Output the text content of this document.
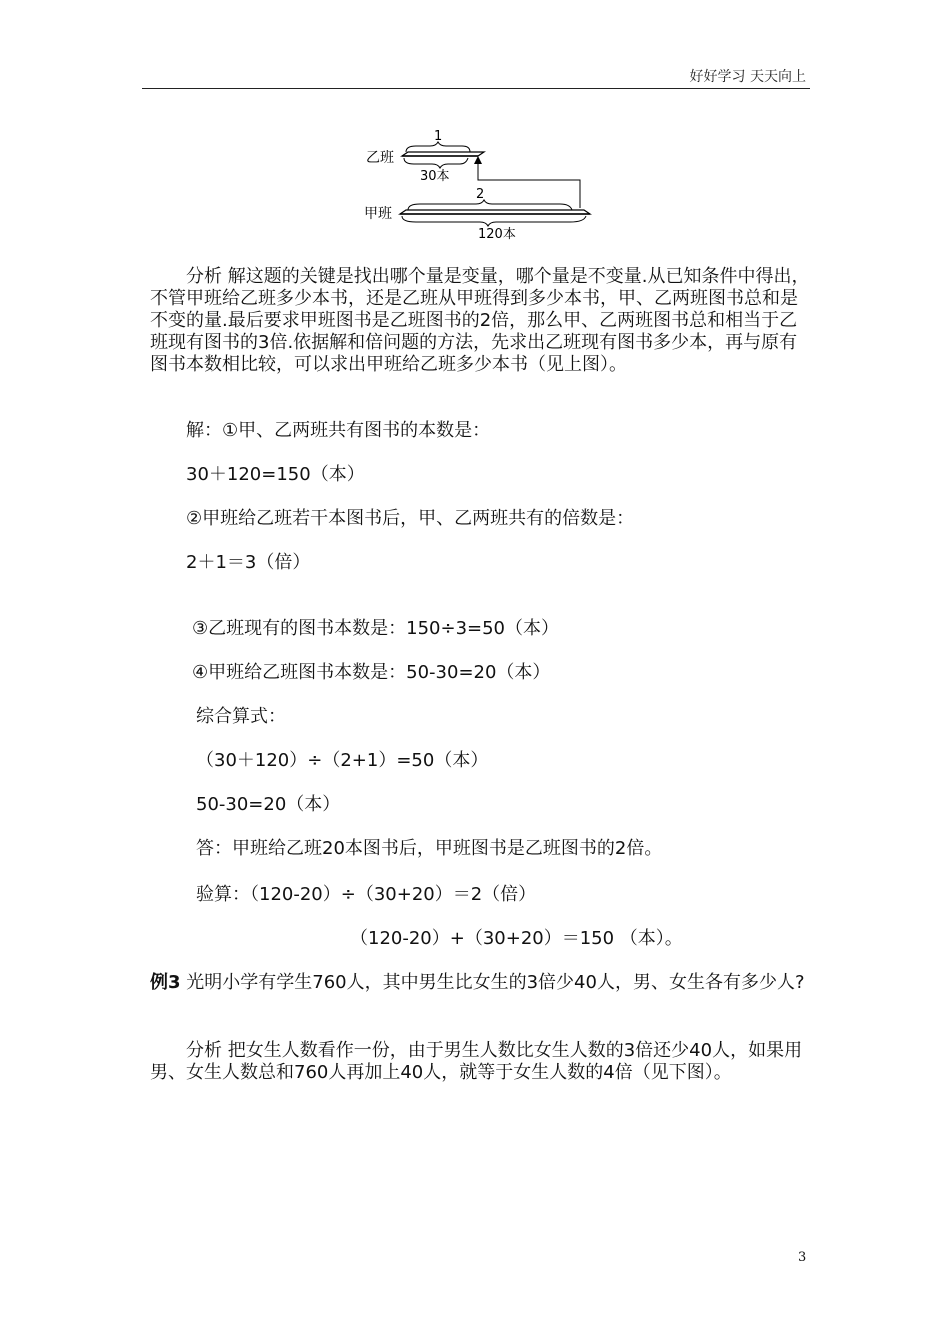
好好学习 天天向上
1
乙班
30本
2
甲班
120本
分析 解这题的关键是找出哪个量是变量，哪个量是不变量.从已知条件中得出，不管甲班给乙班多少本书，还是乙班从甲班得到多少本书，甲、乙两班图书总和是不变的量.最后要求甲班图书是乙班图书的2倍，那么甲、乙两班图书总和相当于乙班现有图书的3倍.依据解和倍问题的方法，先求出乙班现有图书多少本，再与原有图书本数相比较，可以求出甲班给乙班多少本书（见上图）。
解：①甲、乙两班共有图书的本数是：
30＋120=150（本）
②甲班给乙班若干本图书后，甲、乙两班共有的倍数是：
2＋1＝3（倍）
③乙班现有的图书本数是：150÷3=50（本）
④甲班给乙班图书本数是：50-30=20（本）
综合算式：
（30＋120）÷（2+1）=50（本）
50-30=20（本）
答：甲班给乙班20本图书后，甲班图书是乙班图书的2倍。
验算：（120-20）÷（30+20）＝2（倍）
（120-20）+（30+20）＝150 （本）。
例3 光明小学有学生760人，其中男生比女生的3倍少40人，男、女生各有多少人?
分析 把女生人数看作一份，由于男生人数比女生人数的3倍还少40人，如果用男、女生人数总和760人再加上40人，就等于女生人数的4倍（见下图）。
3
